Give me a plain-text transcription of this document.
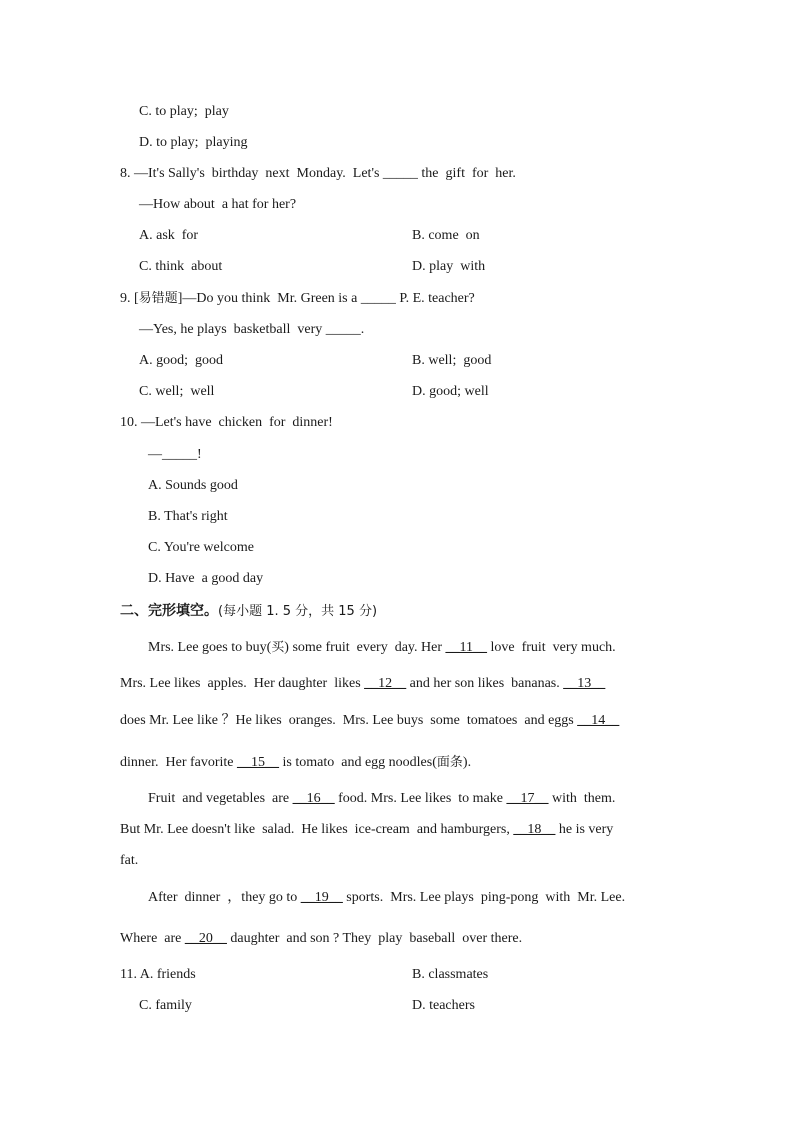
C. to play;  play
D. to play;  playing
8. —It's Sally's  birthday  next  Monday.  Let's _____ the  gift  for  her.
—How about  a hat for her?
A. ask  for	B. come  on
C. think  about	D. play  with
9. [易错题]—Do you think  Mr. Green is a _____ P. E. teacher?
—Yes, he plays  basketball  very _____.
A. good;  good	B. well;  good
C. well;  well	D. good; well
10. —Let's have  chicken  for  dinner!
—_____!
A. Sounds good
B. That's right
C. You're welcome
D. Have  a good day
二、完形填空。(每小题 1. 5 分，共 15 分)
Mrs. Lee goes to buy(买) some fruit  every  day. Her __11__ love  fruit  very much.
Mrs. Lee likes  apples.  Her daughter  likes __12__ and her son likes  bananas. __13__
does Mr. Lee like ？He likes  oranges.  Mrs. Lee buys  some  tomatoes  and eggs __14__
dinner.  Her favorite __15__ is tomato  and egg noodles(面条).
Fruit  and vegetables  are __16__ food. Mrs. Lee likes  to make __17__ with  them.
But Mr. Lee doesn't like  salad.  He likes  ice-cream  and hamburgers, __18__ he is very
fat.
After  dinner  ，they go to __19__ sports.  Mrs. Lee plays  ping-pong  with  Mr. Lee.
Where  are __20__ daughter  and son ? They  play  baseball  over there.
11. A. friends	B. classmates
C. family	D. teachers
